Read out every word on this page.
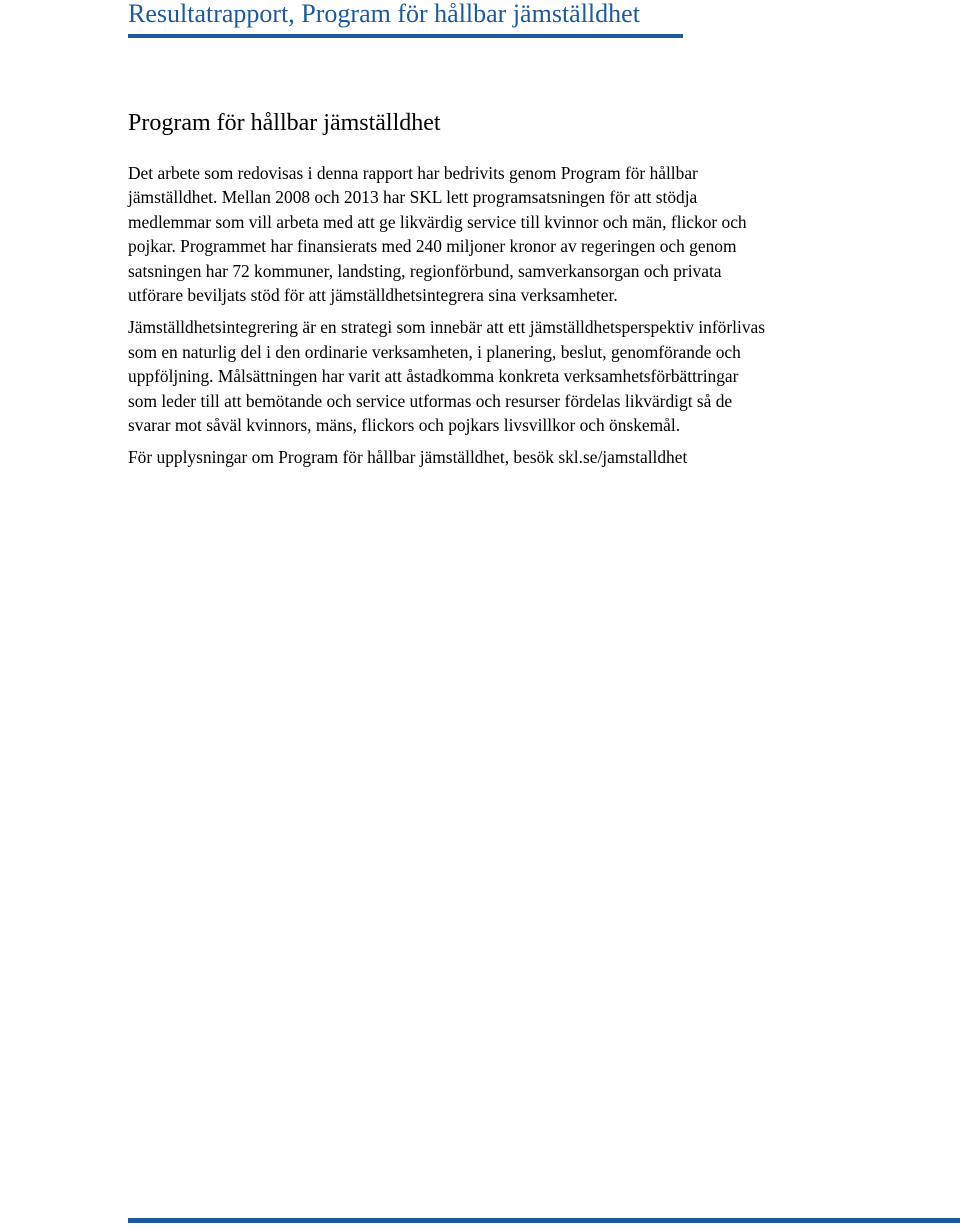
Resultatrapport, Program för hållbar jämställdhet
Program för hållbar jämställdhet

Det arbete som redovisas i denna rapport har bedrivits genom Program för hållbar jämställdhet. Mellan 2008 och 2013 har SKL lett programsatsningen för att stödja medlemmar som vill arbeta med att ge likvärdig service till kvinnor och män, flickor och pojkar. Programmet har finansierats med 240 miljoner kronor av regeringen och genom satsningen har 72 kommuner, landsting, regionförbund, samverkansorgan och privata utförare beviljats stöd för att jämställdhetsintegrera sina verksamheter.

Jämställdhetsintegrering är en strategi som innebär att ett jämställdhetsperspektiv införlivas som en naturlig del i den ordinarie verksamheten, i planering, beslut, genomförande och uppföljning. Målsättningen har varit att åstadkomma konkreta verksamhetsförbättringar som leder till att bemötande och service utformas och resurser fördelas likvärdigt så de svarar mot såväl kvinnors, mäns, flickors och pojkars livsvillkor och önskemål.

För upplysningar om Program för hållbar jämställdhet, besök skl.se/jamstalldhet
